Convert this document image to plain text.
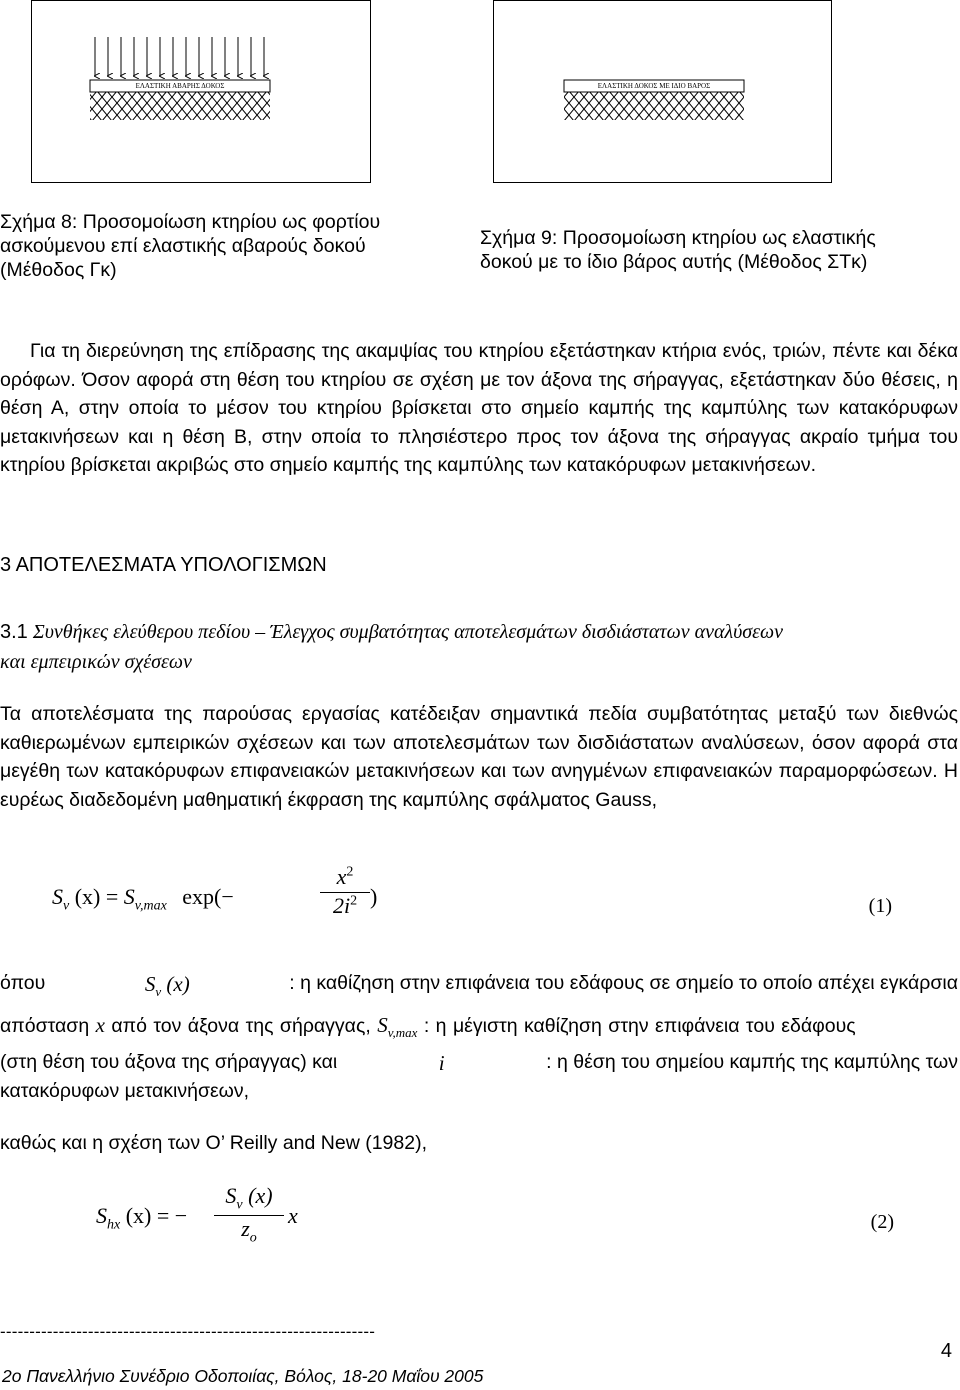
ΕΛΑΣΤΙΚΗ ΑΒΑΡΗΣ ΔΟΚΟΣ	ΕΛΑΣΤΙΚΗ ΔΟΚΟΣ ΜΕ ΙΔΙΟ ΒΑΡΟΣ
Σχήμα 8: Προσομοίωση κτηρίου ως φορτίου
ασκούμενου επί ελαστικής αβαρούς δοκού
(Μέθοδος Γκ)
Σχήμα 9: Προσομοίωση κτηρίου ως ελαστικής
δοκού με το ίδιο βάρος αυτής (Μέθοδος ΣΤκ)
Για τη διερεύνηση της επίδρασης της ακαμψίας του κτηρίου εξετάστηκαν κτήρια ενός, τριών, πέντε και δέκα ορόφων. Όσον αφορά στη θέση του κτηρίου σε σχέση με τον άξονα της σήραγγας, εξετάστηκαν δύο θέσεις, η θέση Α, στην οποία το μέσον του κτηρίου βρίσκεται στο σημείο καμπής της καμπύλης των κατακόρυφων μετακινήσεων και η θέση Β, στην οποία το πλησιέστερο προς τον άξονα της σήραγγας ακραίο τμήμα του κτηρίου βρίσκεται ακριβώς στο σημείο καμπής της καμπύλης των κατακόρυφων μετακινήσεων.
3 ΑΠΟΤΕΛΕΣΜΑΤΑ ΥΠΟΛΟΓΙΣΜΩΝ
3.1 Συνθήκες ελεύθερου πεδίου – Έλεγχος συμβατότητας αποτελεσμάτων δισδιάστατων αναλύσεων
και εμπειρικών σχέσεων
Τα αποτελέσματα της παρούσας εργασίας κατέδειξαν σημαντικά πεδία συμβατότητας μεταξύ των διεθνώς καθιερωμένων εμπειρικών σχέσεων και των αποτελεσμάτων των δισδιάστατων αναλύσεων, όσον αφορά στα μεγέθη των κατακόρυφων επιφανειακών μετακινήσεων και των ανηγμένων επιφανειακών παραμορφώσεων. Η ευρέως διαδεδομένη μαθηματική έκφραση της καμπύλης σφάλματος Gauss,
$S_v$ $(x) = S_{v,max}$ exp(−
$x^2$
$2i^2$ )	(1)
όπου	$S_v$ (x)	: η καθίζηση στην επιφάνεια του εδάφους σε σημείο το οποίο απέχει εγκάρσια
απόσταση x από τον άξονα της σήραγγας, $S_{v,max}$ : η μέγιστη καθίζηση στην επιφάνεια του εδάφους
(στη θέση του άξονα της σήραγγας) και	i	: η θέση του σημείου καμπής της καμπύλης των
κατακόρυφων μετακινήσεων,
καθώς και η σχέση των O’ Reilly and New (1982),
$S_{hx}$ (x) = −
$S_v$ (x)
$z_o$
x	(2)
----------------------------------------------------------------
4
2ο Πανελλήνιο Συνέδριο Οδοποιίας, Βόλος, 18-20 Μαΐου 2005
